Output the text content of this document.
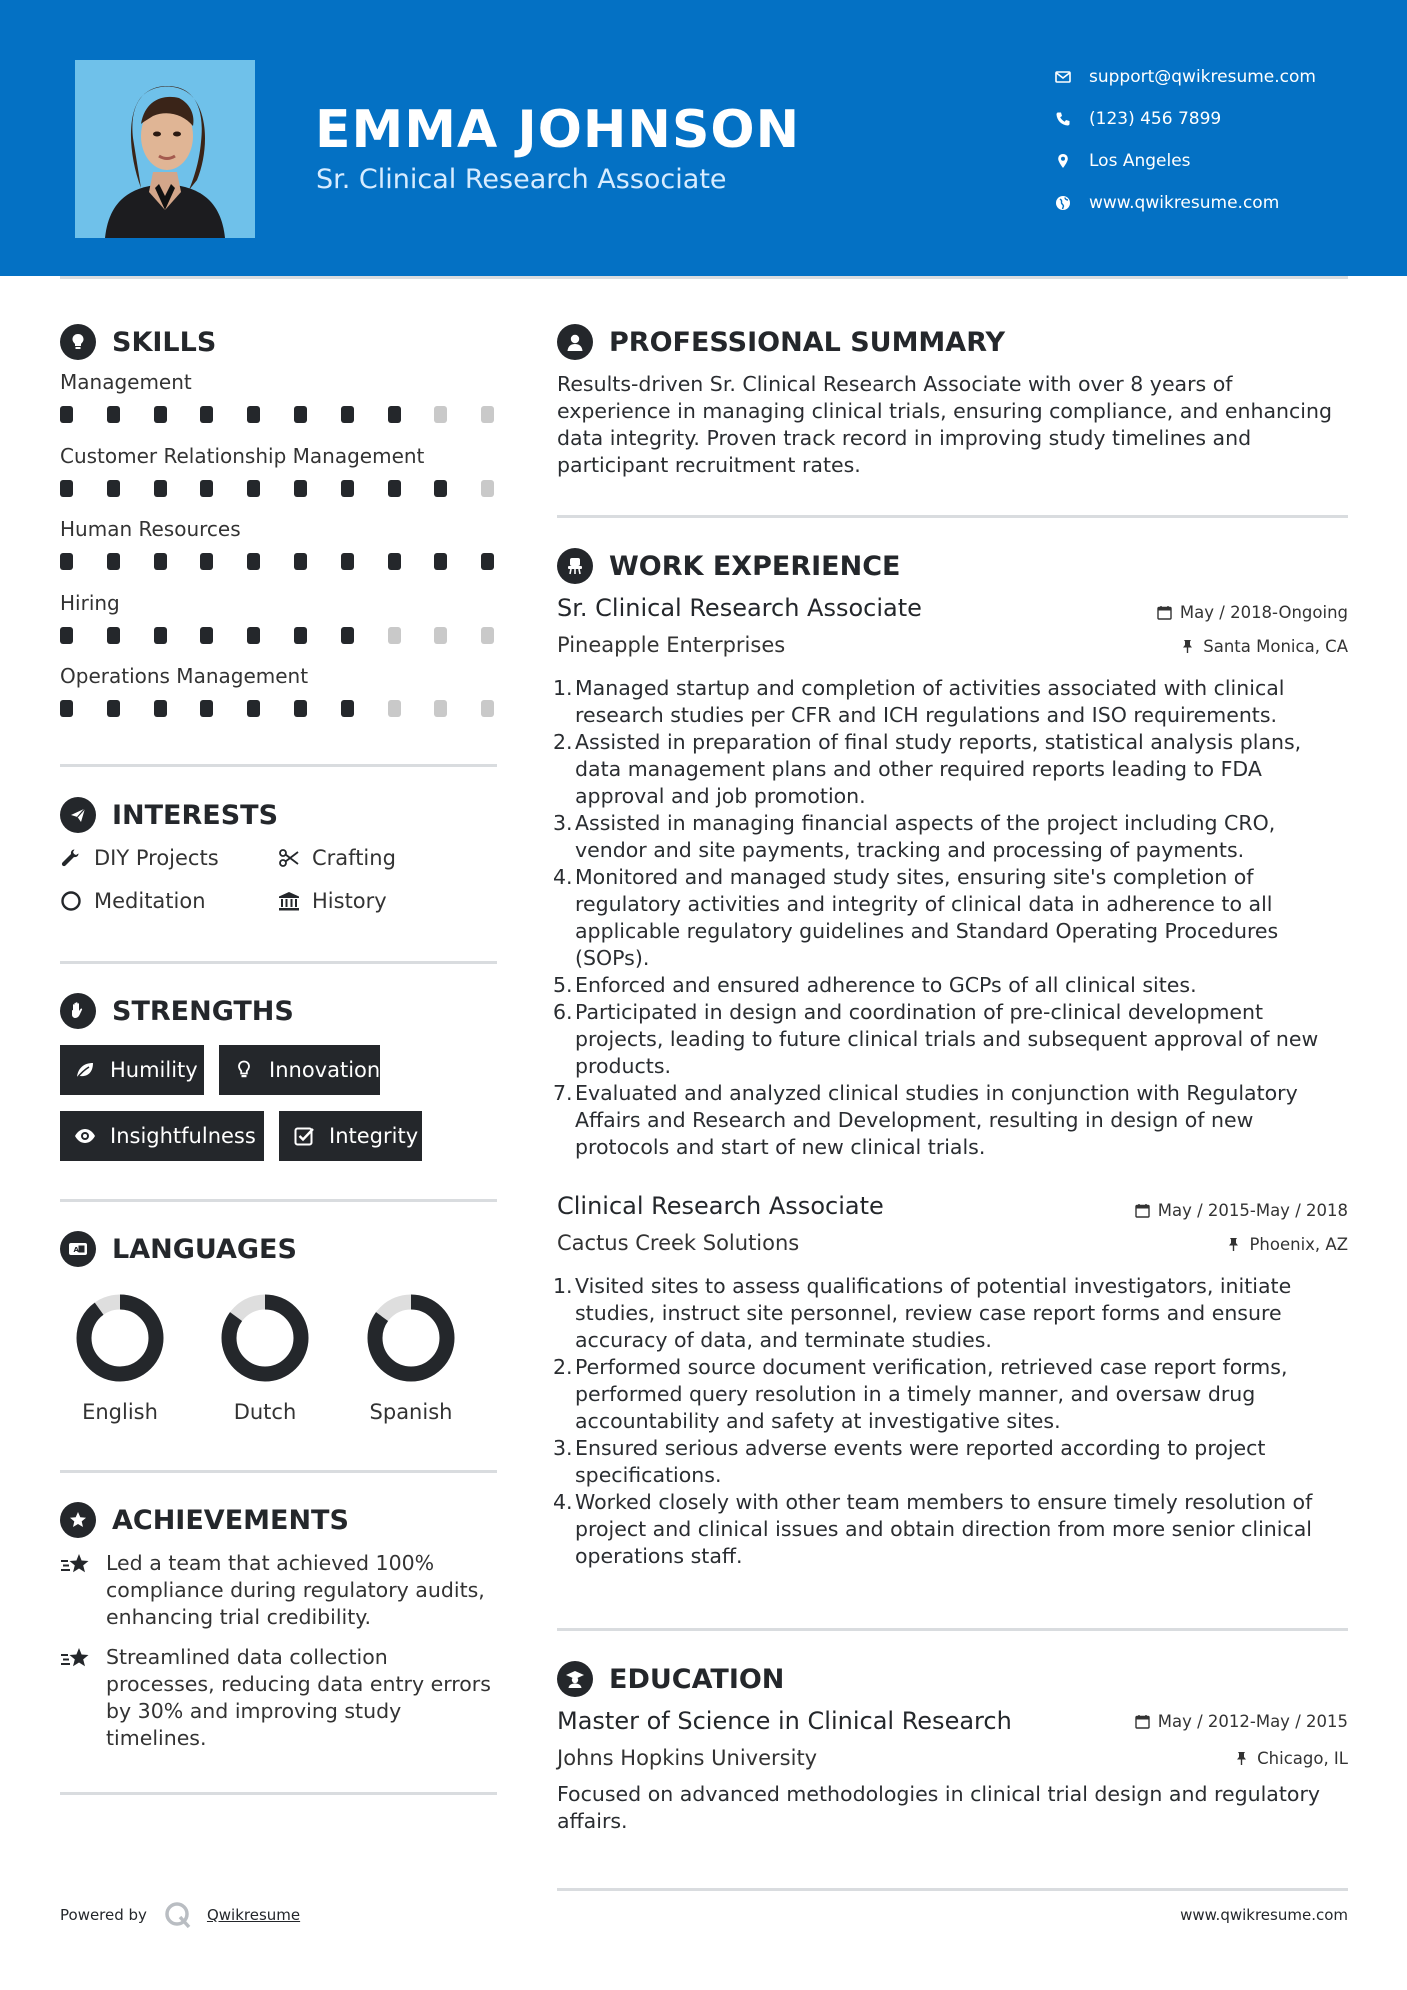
EMMA JOHNSON
Sr. Clinical Research Associate
support@qwikresume.com
(123) 456 7899
Los Angeles
www.qwikresume.com
SKILLS
Management
Customer Relationship Management
Human Resources
Hiring
Operations Management
INTERESTS
DIY Projects	Crafting
Meditation	History
STRENGTHS
Humility	Innovation
Insightfulness	Integrity
A LANGUAGES
English	Dutch	Spanish
ACHIEVEMENTS
Led a team that achieved 100% compliance during regulatory audits, enhancing trial credibility.
Streamlined data collection processes, reducing data entry errors by 30% and improving study timelines.
PROFESSIONAL SUMMARY
Results-driven Sr. Clinical Research Associate with over 8 years of experience in managing clinical trials, ensuring compliance, and enhancing data integrity. Proven track record in improving study timelines and participant recruitment rates.
WORK EXPERIENCE
Sr. Clinical Research Associate	May / 2018-Ongoing
Pineapple Enterprises	Santa Monica, CA
1. Managed startup and completion of activities associated with clinical research studies per CFR and ICH regulations and ISO requirements.
2. Assisted in preparation of final study reports, statistical analysis plans, data management plans and other required reports leading to FDA approval and job promotion.
3. Assisted in managing financial aspects of the project including CRO, vendor and site payments, tracking and processing of payments.
4. Monitored and managed study sites, ensuring site's completion of regulatory activities and integrity of clinical data in adherence to all applicable regulatory guidelines and Standard Operating Procedures (SOPs).
5. Enforced and ensured adherence to GCPs of all clinical sites.
6. Participated in design and coordination of pre-clinical development projects, leading to future clinical trials and subsequent approval of new products.
7. Evaluated and analyzed clinical studies in conjunction with Regulatory Affairs and Research and Development, resulting in design of new protocols and start of new clinical trials.
Clinical Research Associate	May / 2015-May / 2018
Cactus Creek Solutions	Phoenix, AZ
1. Visited sites to assess qualifications of potential investigators, initiate studies, instruct site personnel, review case report forms and ensure accuracy of data, and terminate studies.
2. Performed source document verification, retrieved case report forms, performed query resolution in a timely manner, and oversaw drug accountability and safety at investigative sites.
3. Ensured serious adverse events were reported according to project specifications.
4. Worked closely with other team members to ensure timely resolution of project and clinical issues and obtain direction from more senior clinical operations staff.
EDUCATION
Master of Science in Clinical Research	May / 2012-May / 2015
Johns Hopkins University	Chicago, IL
Focused on advanced methodologies in clinical trial design and regulatory affairs.
Powered by	Qwikresume	www.qwikresume.com
